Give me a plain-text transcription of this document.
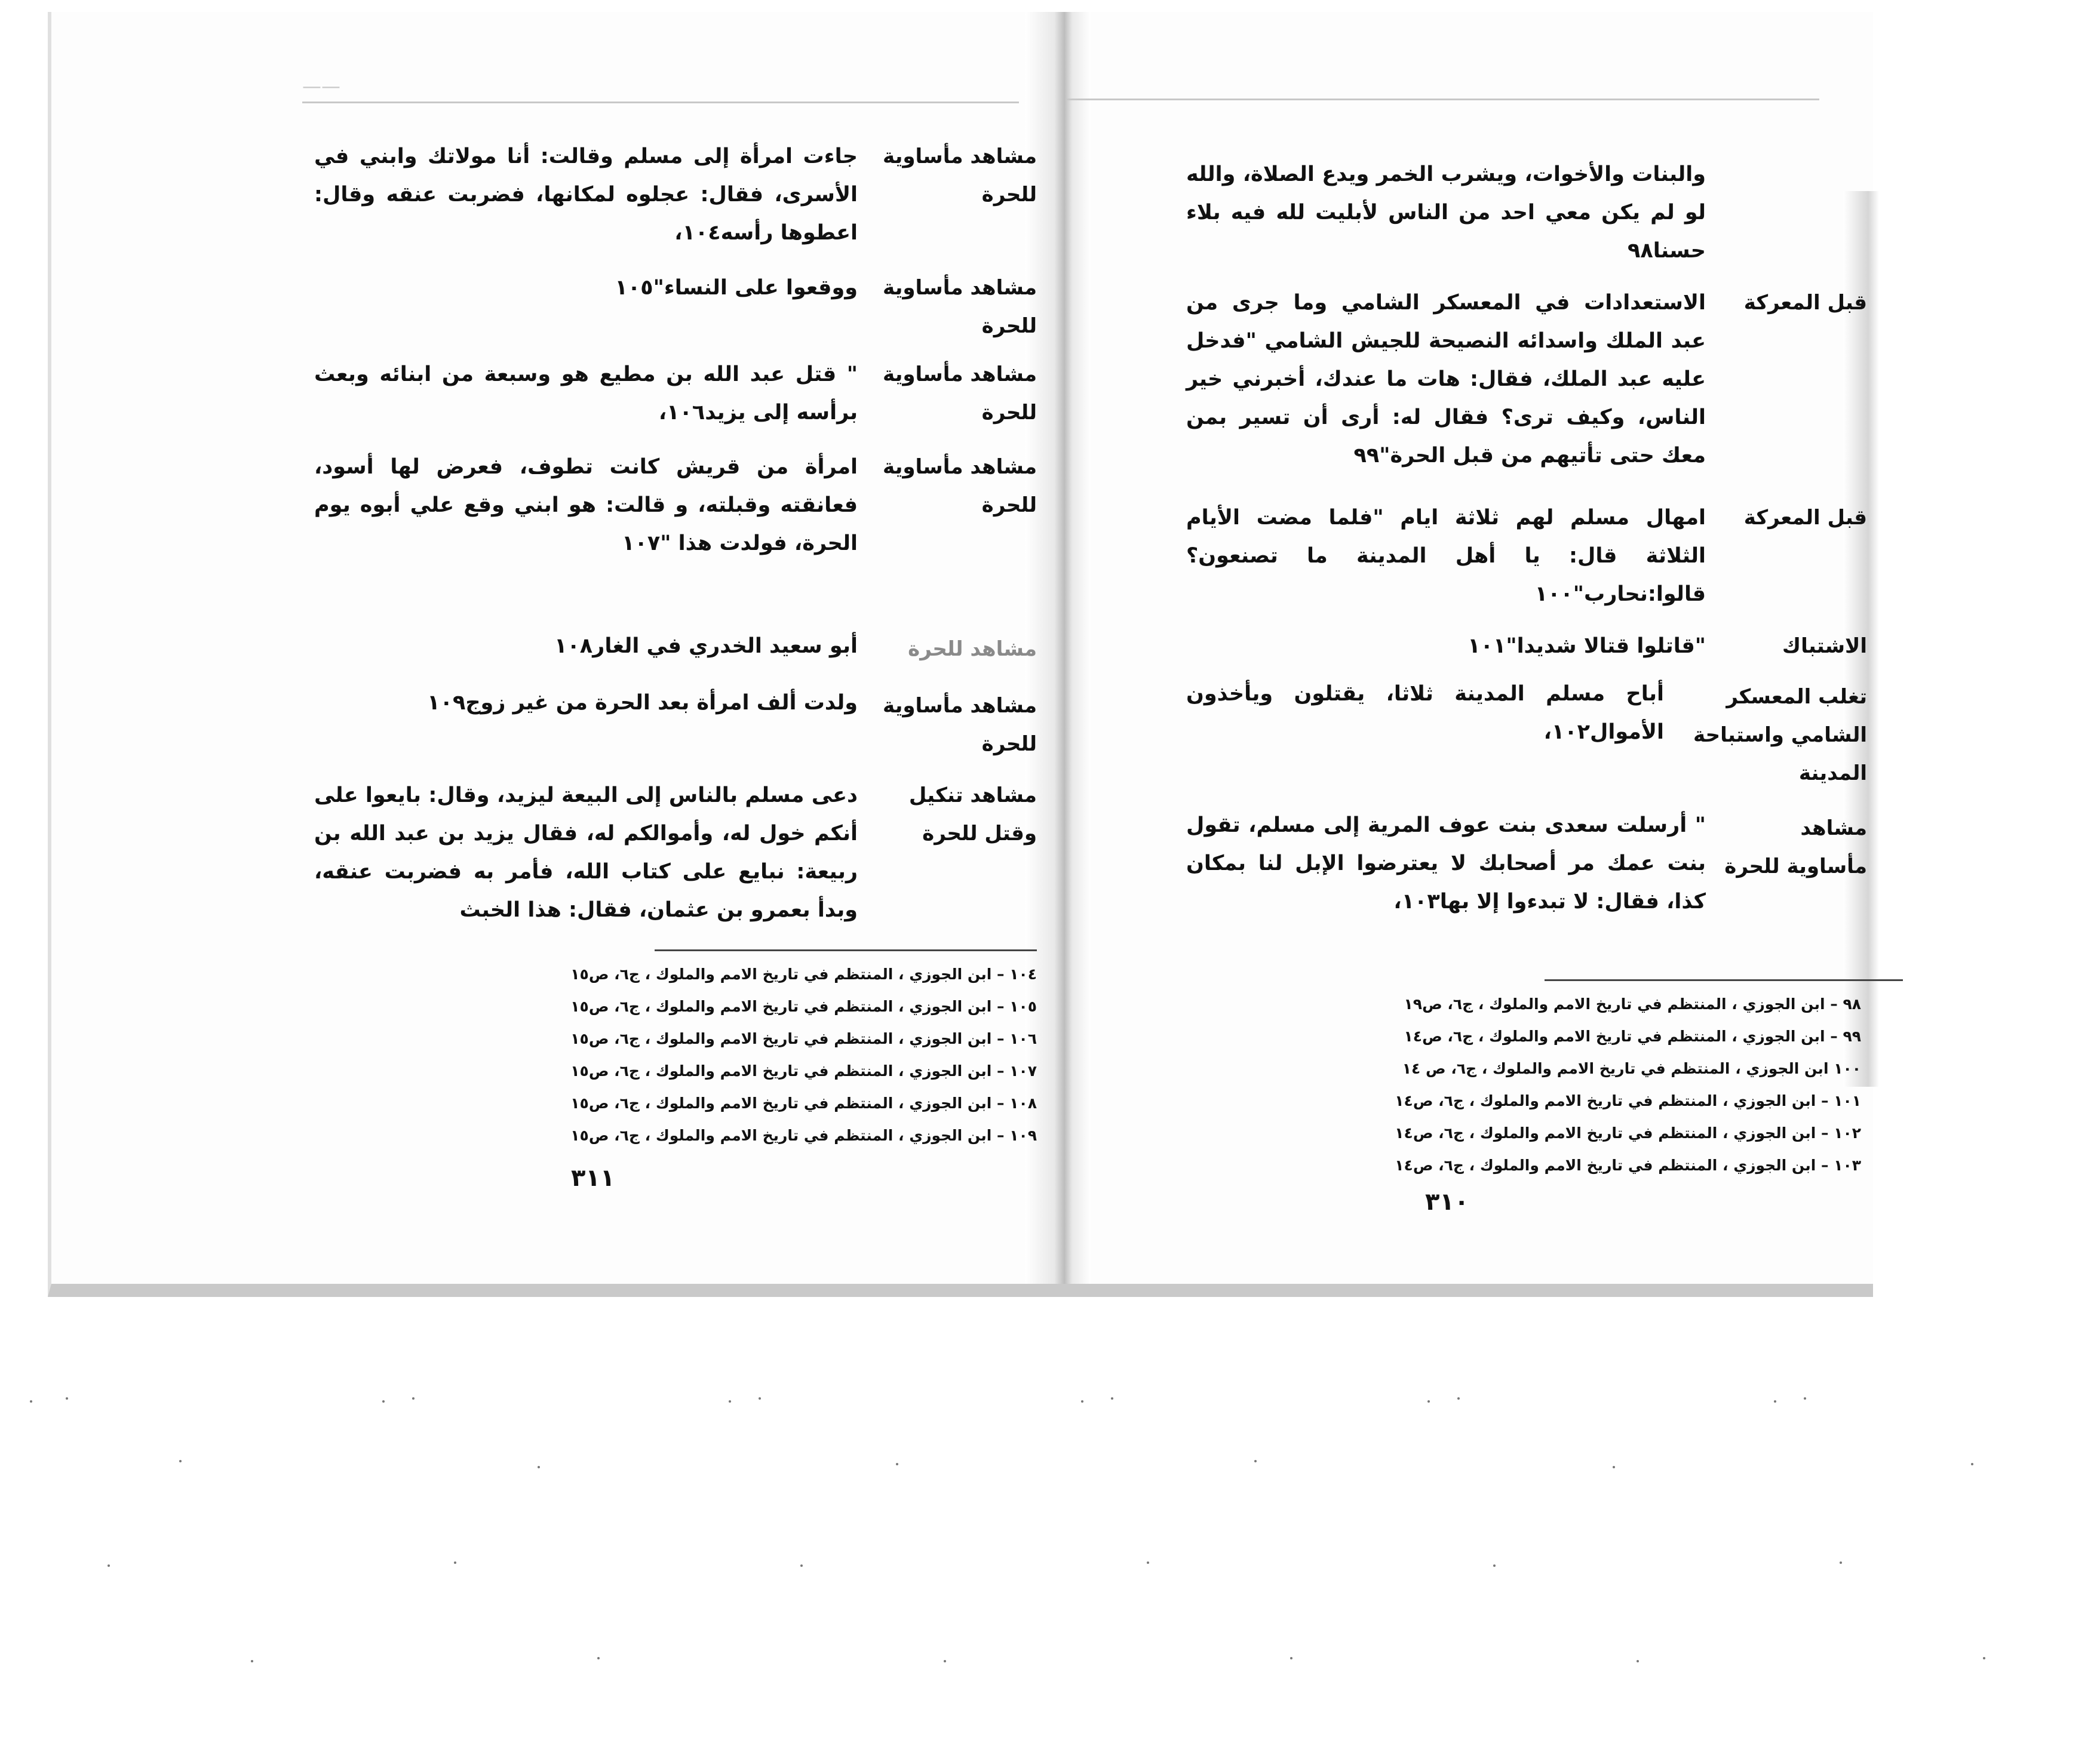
——
مشاهد مأساوية للحرة
جاءت امرأة إلى مسلم وقالت: أنا مولاتك وابني في الأسرى، فقال: عجلوه لمكانها، فضربت عنقه وقال: اعطوها رأسه١٠٤،
مشاهد مأساوية للحرة
ووقعوا على النساء"١٠٥
مشاهد مأساوية للحرة
" قتل عبد الله بن مطيع هو وسبعة من ابنائه وبعث برأسه إلى يزيد١٠٦،
مشاهد مأساوية للحرة
امرأة من قريش كانت تطوف، فعرض لها أسود، فعانقته وقبلته، و قالت: هو ابني وقع علي أبوه يوم الحرة، فولدت هذا "١٠٧
مشاهد للحرة
أبو سعيد الخدري في الغار١٠٨
مشاهد مأساوية للحرة
ولدت ألف امرأة بعد الحرة من غير زوج١٠٩
مشاهد تنكيل وقتل للحرة
دعى مسلم بالناس إلى البيعة ليزيد، وقال: بايعوا على أنكم خول له، وأموالكم له، فقال يزيد بن عبد الله بن ربيعة: نبايع على كتاب الله، فأمر به فضربت عنقه، وبدأ بعمرو بن عثمان، فقال: هذا الخبث
١٠٤ – ابن الجوزي ، المنتظم في تاريخ الامم والملوك ، ج٦، ص١٥
١٠٥ – ابن الجوزي ، المنتظم في تاريخ الامم والملوك ، ج٦، ص١٥
١٠٦ – ابن الجوزي ، المنتظم في تاريخ الامم والملوك ، ج٦، ص١٥
١٠٧ – ابن الجوزي ، المنتظم في تاريخ الامم والملوك ، ج٦، ص١٥
١٠٨ – ابن الجوزي ، المنتظم في تاريخ الامم والملوك ، ج٦، ص١٥
١٠٩ – ابن الجوزي ، المنتظم في تاريخ الامم والملوك ، ج٦، ص١٥
٣١١
والبنات والأخوات، ويشرب الخمر ويدع الصلاة، والله لو لم يكن معي احد من الناس لأبليت لله فيه بلاء حسنا٩٨
قبل المعركة
الاستعدادات في المعسكر الشامي وما جرى من عبد الملك واسدائه النصيحة للجيش الشامي "فدخل عليه عبد الملك، فقال: هات ما عندك، أخبرني خير الناس، وكيف ترى؟ فقال له: أرى أن تسير بمن معك حتى تأتيهم من قبل الحرة"٩٩
قبل المعركة
امهال مسلم لهم ثلاثة ايام "فلما مضت الأيام الثلاثة قال: يا أهل المدينة ما تصنعون؟ قالوا:نحارب"١٠٠
الاشتباك
"قاتلوا قتالا شديدا"١٠١
تغلب المعسكر الشامي واستباحة المدينة
أباح مسلم المدينة ثلاثا، يقتلون ويأخذون الأموال١٠٢،
مشاهد مأساوية للحرة
" أرسلت سعدى بنت عوف المرية إلى مسلم، تقول بنت عمك مر أصحابك لا يعترضوا الإبل لنا بمكان كذا، فقال: لا تبدءوا إلا بها١٠٣،
٩٨ – ابن الجوزي ، المنتظم في تاريخ الامم والملوك ، ج٦، ص١٩
٩٩ – ابن الجوزي ، المنتظم في تاريخ الامم والملوك ، ج٦، ص١٤
١٠٠ ابن الجوزي ، المنتظم في تاريخ الامم والملوك ، ج٦، ص ١٤
١٠١ – ابن الجوزي ، المنتظم في تاريخ الامم والملوك ، ج٦، ص١٤
١٠٢ – ابن الجوزي ، المنتظم في تاريخ الامم والملوك ، ج٦، ص١٤
١٠٣ – ابن الجوزي ، المنتظم في تاريخ الامم والملوك ، ج٦، ص١٤
٣١٠
